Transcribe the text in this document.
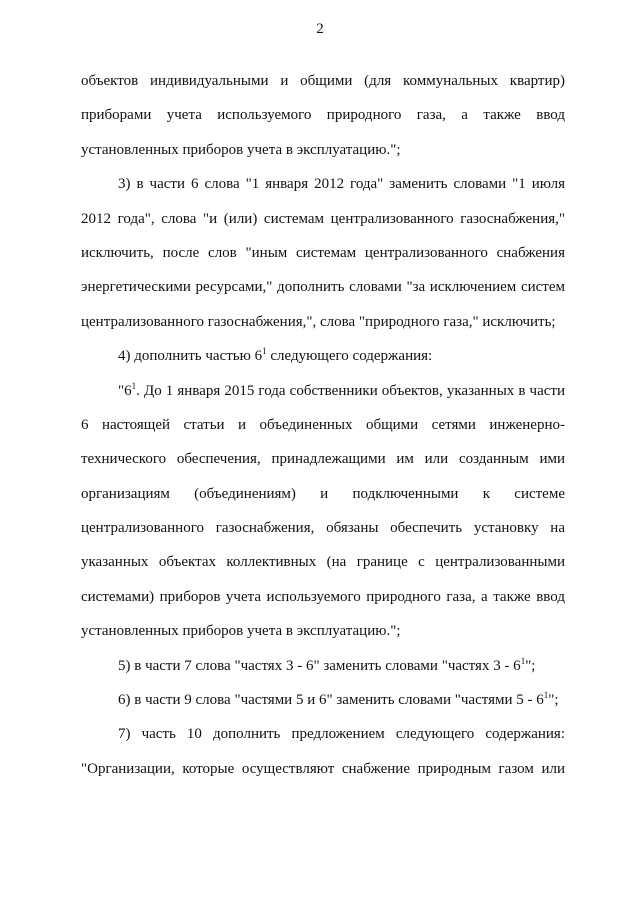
2
объектов индивидуальными и общими (для коммунальных квартир)
приборами учета используемого природного газа, а также ввод
установленных приборов учета в эксплуатацию.";
3) в части 6 слова "1 января 2012 года" заменить словами "1 июля
2012 года", слова "и (или) системам централизованного газоснабжения,"
исключить, после слов "иным системам централизованного снабжения
энергетическими ресурсами," дополнить словами "за исключением систем
централизованного газоснабжения,", слова "природного газа," исключить;
4) дополнить частью $6^1$ следующего содержания:
"$6^1$. До 1 января 2015 года собственники объектов, указанных в части
6 настоящей статьи и объединенных общими сетями инженерно-
технического обеспечения, принадлежащими им или созданным ими
организациям (объединениям) и подключенными к системе
централизованного газоснабжения, обязаны обеспечить установку на
указанных объектах коллективных (на границе с централизованными
системами) приборов учета используемого природного газа, а также ввод
установленных приборов учета в эксплуатацию.";
5) в части 7 слова "частях 3 - 6" заменить словами "частях $3 - 6^1$";
6) в части 9 слова "частями 5 и 6" заменить словами "частями $5 - 6^1$";
7) часть 10 дополнить предложением следующего содержания:
"Организации, которые осуществляют снабжение природным газом или
